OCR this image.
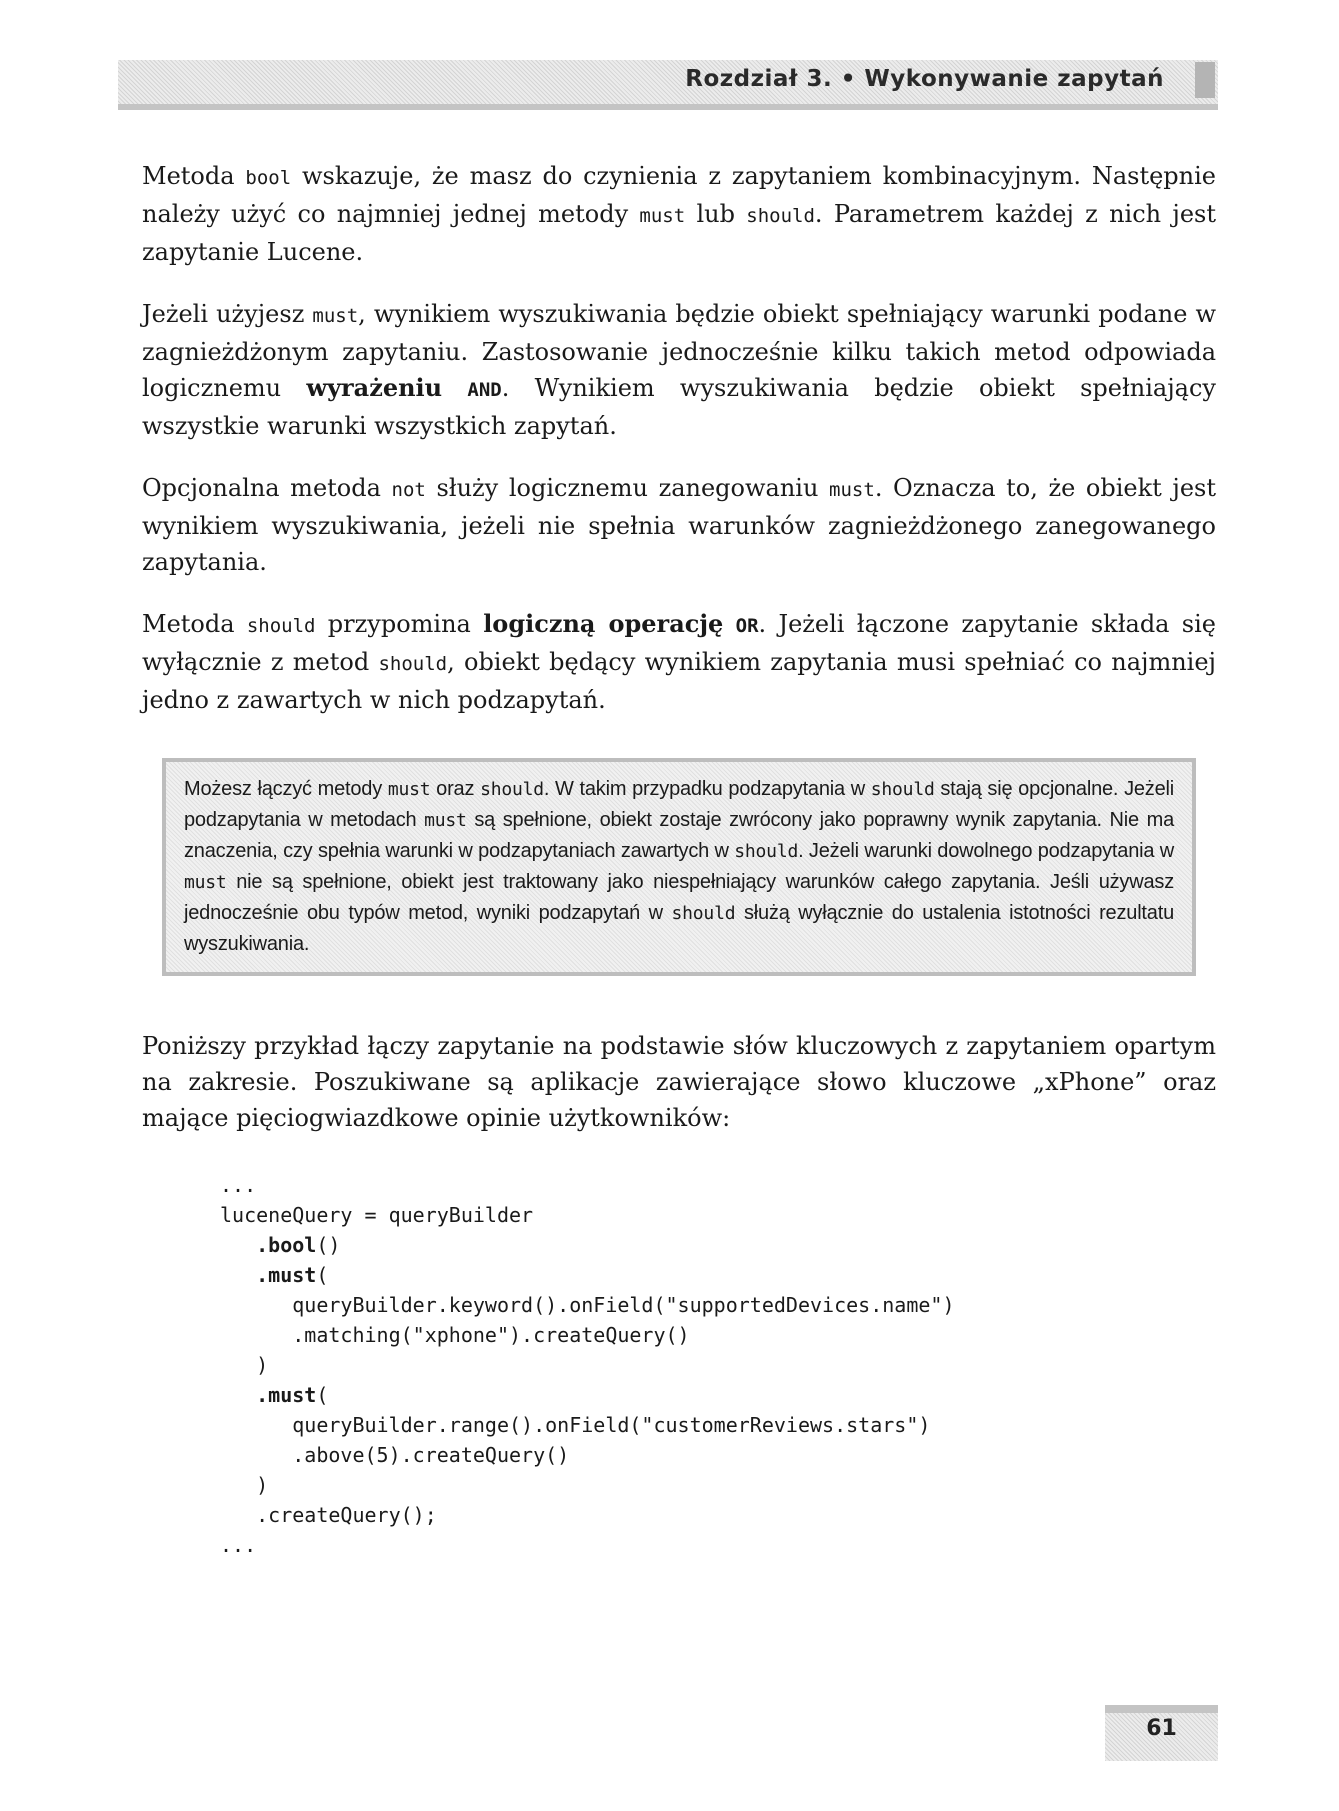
Rozdział 3. • Wykonywanie zapytań

Metoda bool wskazuje, że masz do czynienia z zapytaniem kombinacyjnym. Następnie należy użyć co najmniej jednej metody must lub should. Parametrem każdej z nich jest zapytanie Lucene.

Jeżeli użyjesz must, wynikiem wyszukiwania będzie obiekt spełniający warunki podane w zagnieżdżonym zapytaniu. Zastosowanie jednocześnie kilku takich metod odpowiada logicznemu wyrażeniu AND. Wynikiem wyszukiwania będzie obiekt spełniający wszystkie warunki wszystkich zapytań.

Opcjonalna metoda not służy logicznemu zanegowaniu must. Oznacza to, że obiekt jest wynikiem wyszukiwania, jeżeli nie spełnia warunków zagnieżdżonego zanegowanego zapytania.

Metoda should przypomina logiczną operację OR. Jeżeli łączone zapytanie składa się wyłącznie z metod should, obiekt będący wynikiem zapytania musi spełniać co najmniej jedno z zawartych w nich podzapytań.

Możesz łączyć metody must oraz should. W takim przypadku podzapytania w should stają się opcjonalne. Jeżeli podzapytania w metodach must są spełnione, obiekt zostaje zwrócony jako poprawny wynik zapytania. Nie ma znaczenia, czy spełnia warunki w podzapytaniach zawartych w should. Jeżeli warunki dowolnego podzapytania w must nie są spełnione, obiekt jest traktowany jako niespełniający warunków całego zapytania. Jeśli używasz jednocześnie obu typów metod, wyniki podzapytań w should służą wyłącznie do ustalenia istotności rezultatu wyszukiwania.

Poniższy przykład łączy zapytanie na podstawie słów kluczowych z zapytaniem opartym na zakresie. Poszukiwane są aplikacje zawierające słowo kluczowe „xPhone” oraz mające pięciogwiazdkowe opinie użytkowników:

...
luceneQuery = queryBuilder
.bool()
.must(
queryBuilder.keyword().onField("supportedDevices.name")
.matching("xphone").createQuery()
)
.must(
queryBuilder.range().onField("customerReviews.stars")
.above(5).createQuery()
)
.createQuery();
...
61
